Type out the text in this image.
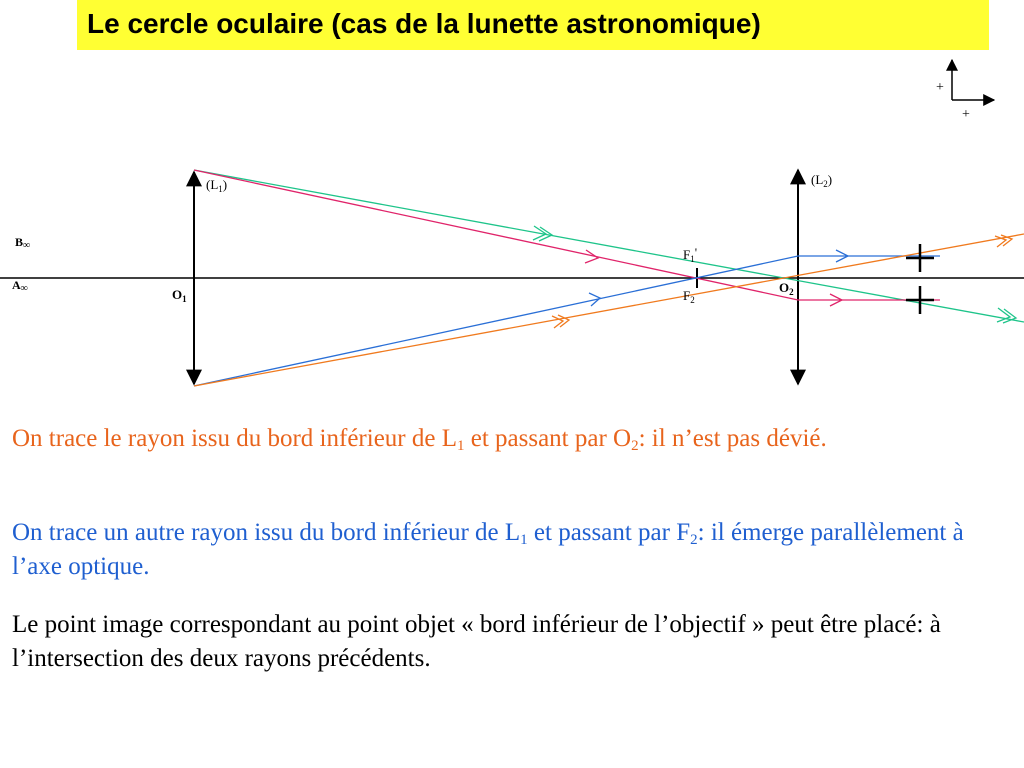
Le cercle oculaire (cas de la lunette astronomique)
+
+
$(L_1)$	$(L_2)$
B∞
A∞	$O_1$
$O_2$
$F_1'$
$F_2$

On trace le rayon issu du bord inférieur de $L_1$ et passant par $O_2$: il n’est pas dévié.

On trace un autre rayon issu du bord inférieur de $L_1$ et passant par $F_2$: il émerge parallèlement à l’axe optique.

Le point image correspondant au point objet « bord inférieur de l’objectif » peut être placé: à l’intersection des deux rayons précédents.
